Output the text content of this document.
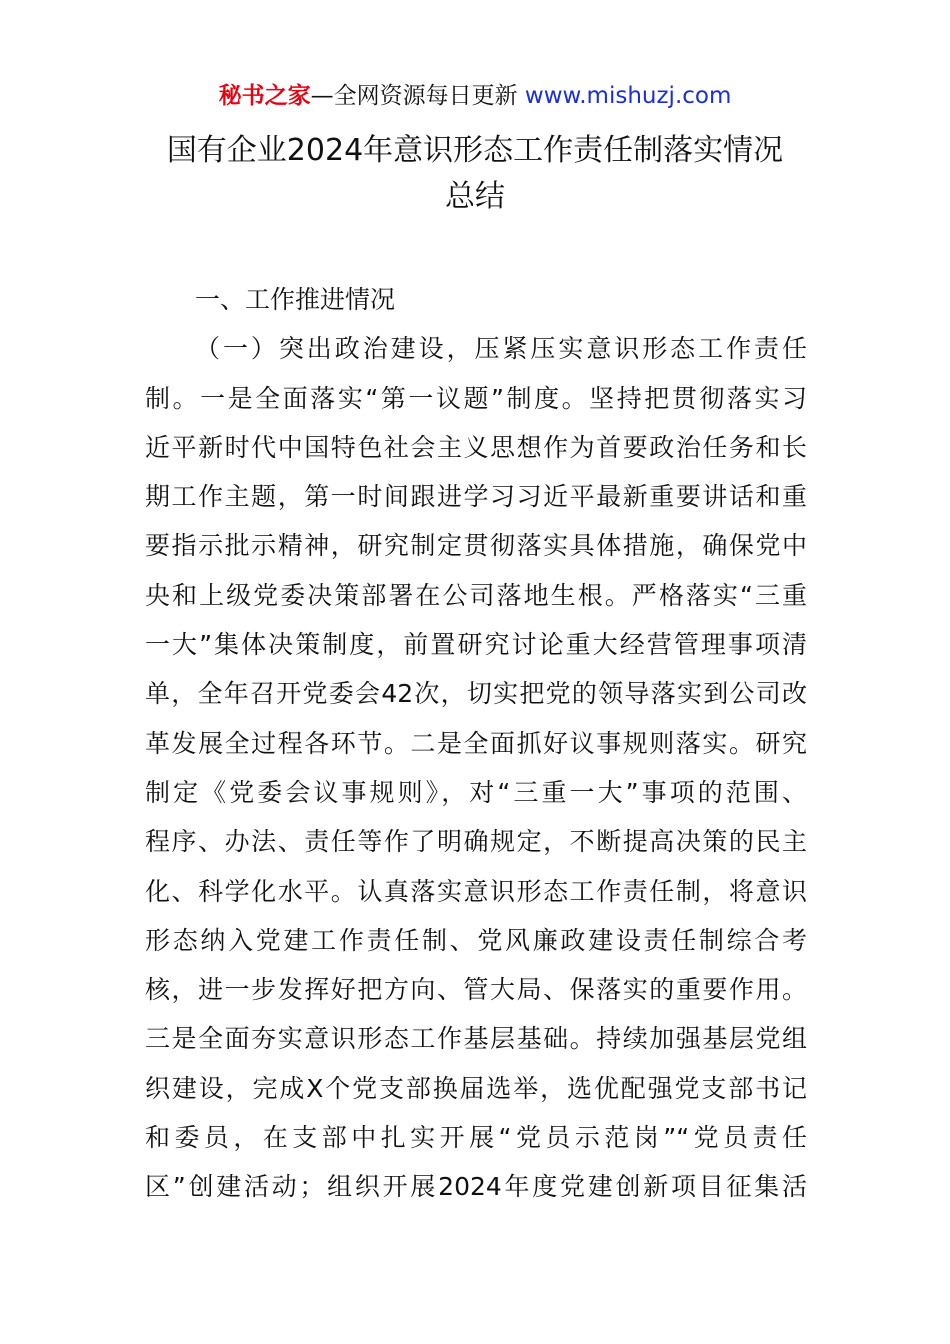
秘书之家—全网资源每日更新 www.mishuzj.com
国有企业2024年意识形态工作责任制落实情况
总结
一、工作推进情况
（一）突出政治建设，压紧压实意识形态工作责任
制。一是全面落实“第一议题”制度。坚持把贯彻落实习
近平新时代中国特色社会主义思想作为首要政治任务和长
期工作主题，第一时间跟进学习习近平最新重要讲话和重
要指示批示精神，研究制定贯彻落实具体措施，确保党中
央和上级党委决策部署在公司落地生根。严格落实“三重
一大”集体决策制度，前置研究讨论重大经营管理事项清
单，全年召开党委会42次，切实把党的领导落实到公司改
革发展全过程各环节。二是全面抓好议事规则落实。研究
制定《党委会议事规则》，对“三重一大”事项的范围、
程序、办法、责任等作了明确规定，不断提高决策的民主
化、科学化水平。认真落实意识形态工作责任制，将意识
形态纳入党建工作责任制、党风廉政建设责任制综合考
核，进一步发挥好把方向、管大局、保落实的重要作用。
三是全面夯实意识形态工作基层基础。持续加强基层党组
织建设，完成X个党支部换届选举，选优配强党支部书记
和委员，在支部中扎实开展“党员示范岗”“党员责任
区”创建活动；组织开展2024年度党建创新项目征集活
